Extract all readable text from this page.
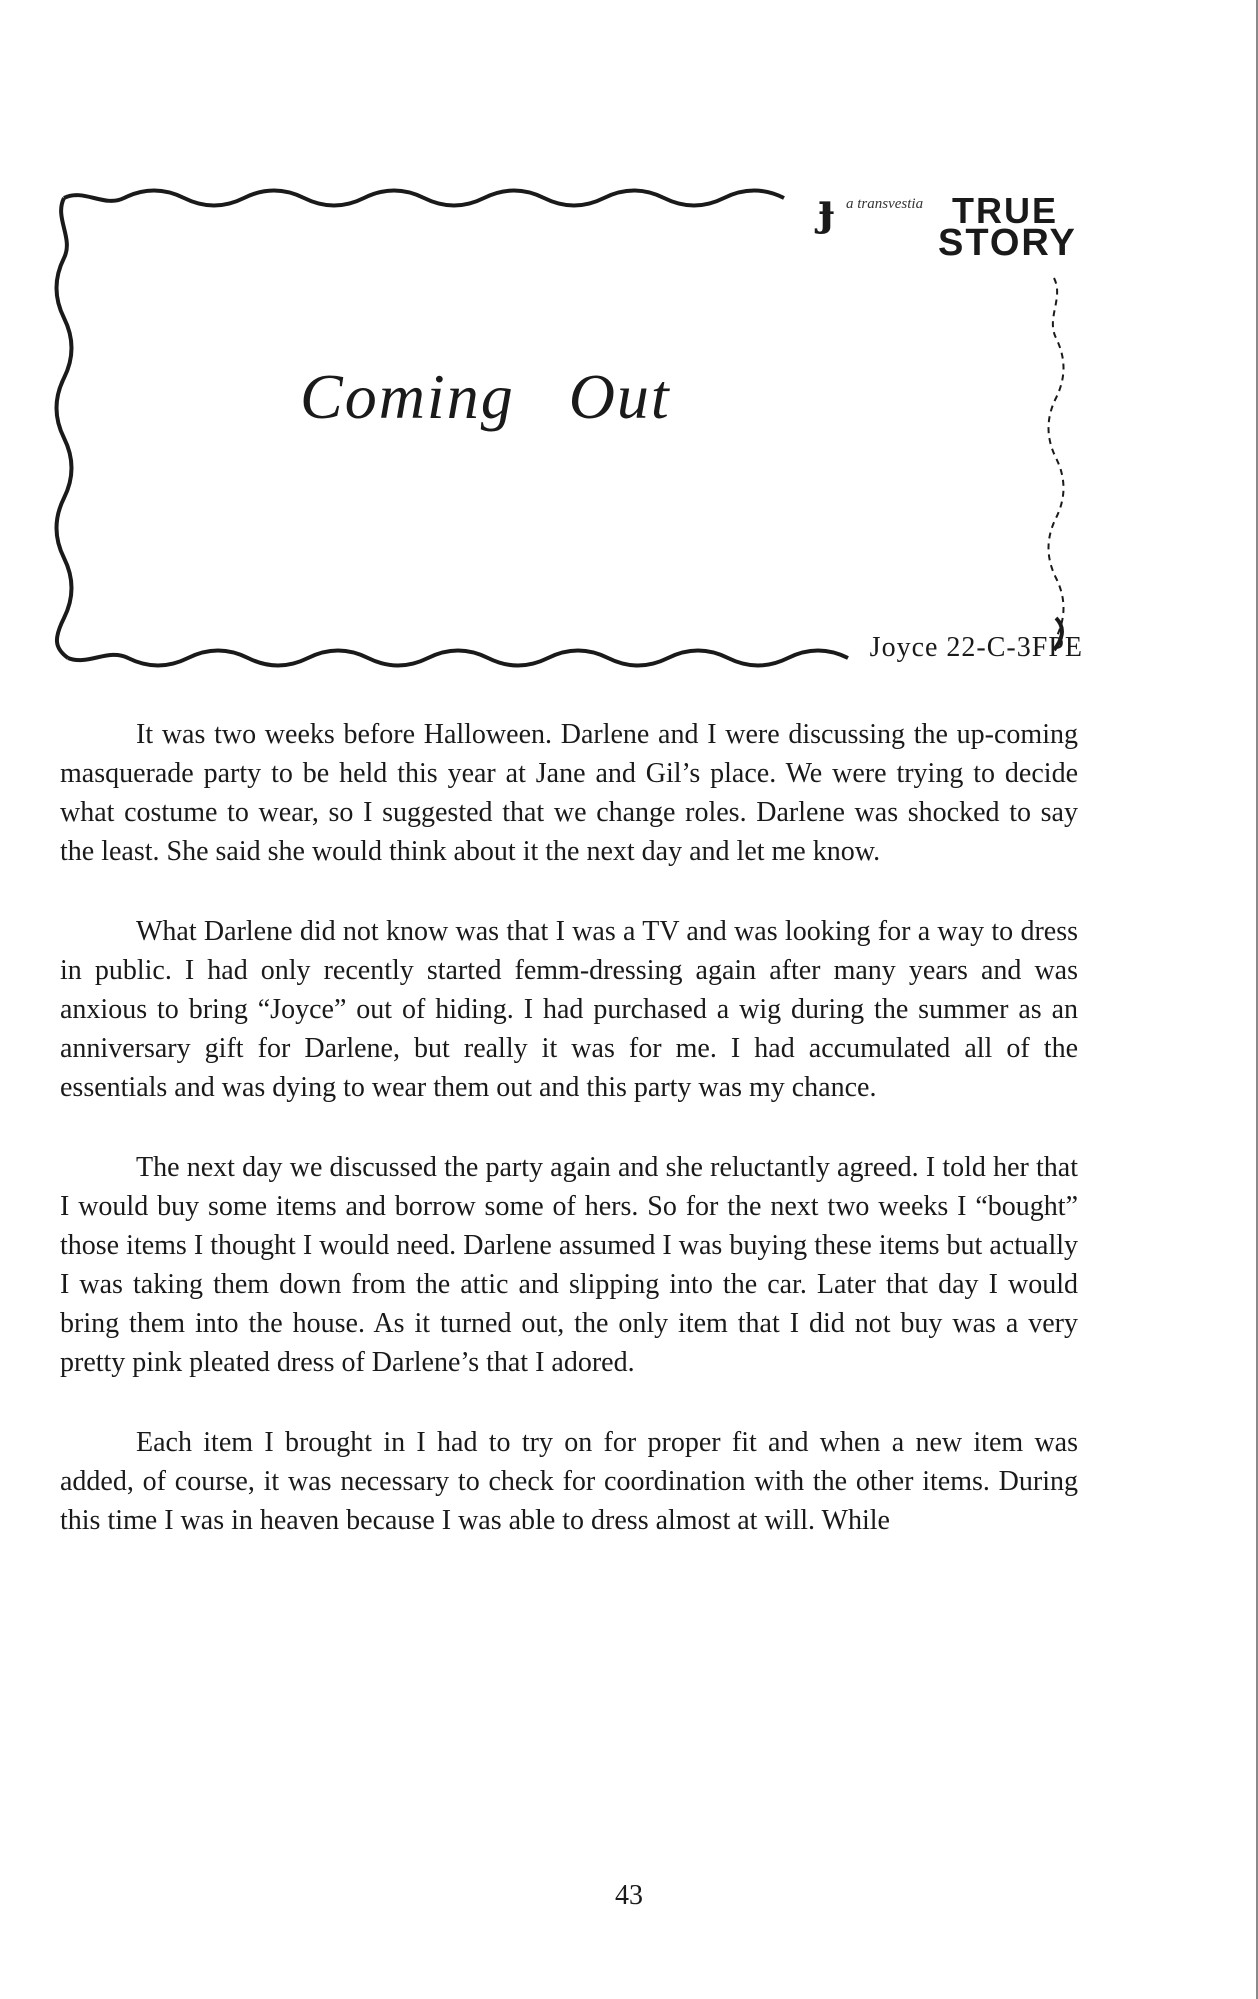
ɟ a transvestia TRUE
STORY
Coming Out
Joyce 22-C-3FPE

It was two weeks before Halloween. Darlene and I were discussing the up-coming masquerade party to be held this year at Jane and Gil’s place. We were trying to decide what costume to wear, so I suggested that we change roles. Darlene was shocked to say the least. She said she would think about it the next day and let me know.

What Darlene did not know was that I was a TV and was looking for a way to dress in public. I had only recently started femm-dressing again after many years and was anxious to bring “Joyce” out of hiding. I had purchased a wig during the summer as an anniversary gift for Darlene, but really it was for me. I had accumulated all of the essentials and was dying to wear them out and this party was my chance.

The next day we discussed the party again and she reluctantly agreed. I told her that I would buy some items and borrow some of hers. So for the next two weeks I “bought” those items I thought I would need. Darlene assumed I was buying these items but actually I was taking them down from the attic and slipping into the car. Later that day I would bring them into the house. As it turned out, the only item that I did not buy was a very pretty pink pleated dress of Darlene’s that I adored.

Each item I brought in I had to try on for proper fit and when a new item was added, of course, it was necessary to check for coordination with the other items. During this time I was in heaven because I was able to dress almost at will. While

43
